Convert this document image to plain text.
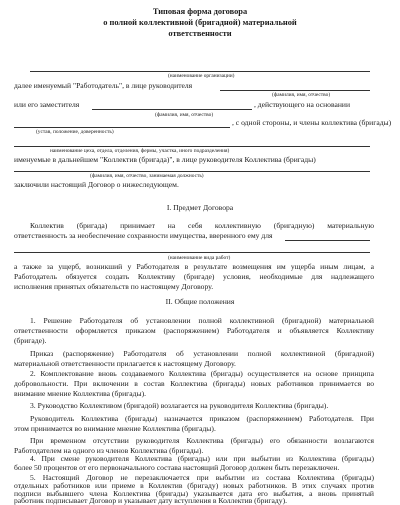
Типовая форма договора
о полной коллективной (бригадной) материальной
ответственности
(наименование организации)
далее именуемый "Работодатель", в лице руководителя
(фамилия, имя, отчество)
или его заместителя	, действующего на основании
(фамилия, имя, отчество)
, с одной стороны, и члены коллектива (бригады)
(устав, положение, доверенность)
наименование цеха, отдела, отделения, фермы, участка, иного подразделения)
именуемые в дальнейшем "Коллектив (бригада)", в лице руководителя Коллектива (бригады)
(фамилия, имя, отчество, занимаемая должность)
заключили настоящий Договор о нижеследующем.
I. Предмет Договора
Коллектив (бригада) принимает на себя коллективную (бригадную) материальную
ответственность за необеспечение сохранности имущества, вверенного ему для
(наименование вида работ)
а также за ущерб, возникший у Работодателя в результате возмещения им ущерба иным лицам, а
Работодатель обязуется создать Коллективу (бригаде) условия, необходимые для надлежащего
исполнения принятых обязательств по настоящему Договору.
II. Общие положения
1. Решение Работодателя об установлении полной коллективной (бригадной) материальной
ответственности оформляется приказом (распоряжением) Работодателя и объявляется Коллективу
(бригаде).
Приказ (распоряжение) Работодателя об установлении полной коллективной (бригадной)
материальной ответственности прилагается к настоящему Договору.
2. Комплектование вновь создаваемого Коллектива (бригады) осуществляется на основе принципа
добровольности. При включении в состав Коллектива (бригады) новых работников принимается во
внимание мнение Коллектива (бригады).
3. Руководство Коллективом (бригадой) возлагается на руководителя Коллектива (бригады).
Руководитель Коллектива (бригады) назначается приказом (распоряжением) Работодателя. При
этом принимается во внимание мнение Коллектива (бригады).
При временном отсутствии руководителя Коллектива (бригады) его обязанности возлагаются
Работодателем на одного из членов Коллектива (бригады).
4. При смене руководителя Коллектива (бригады) или при выбытии из Коллектива (бригады)
более 50 процентов от его первоначального состава настоящий Договор должен быть перезаключен.
5. Настоящий Договор не перезаключается при выбытии из состава Коллектива (бригады)
отдельных работников или приеме в Коллектив (бригаду) новых работников. В этих случаях против
подписи выбывшего члена Коллектива (бригады) указывается дата его выбытия, а вновь принятый
работник подписывает Договор и указывает дату вступления в Коллектив (бригаду).
